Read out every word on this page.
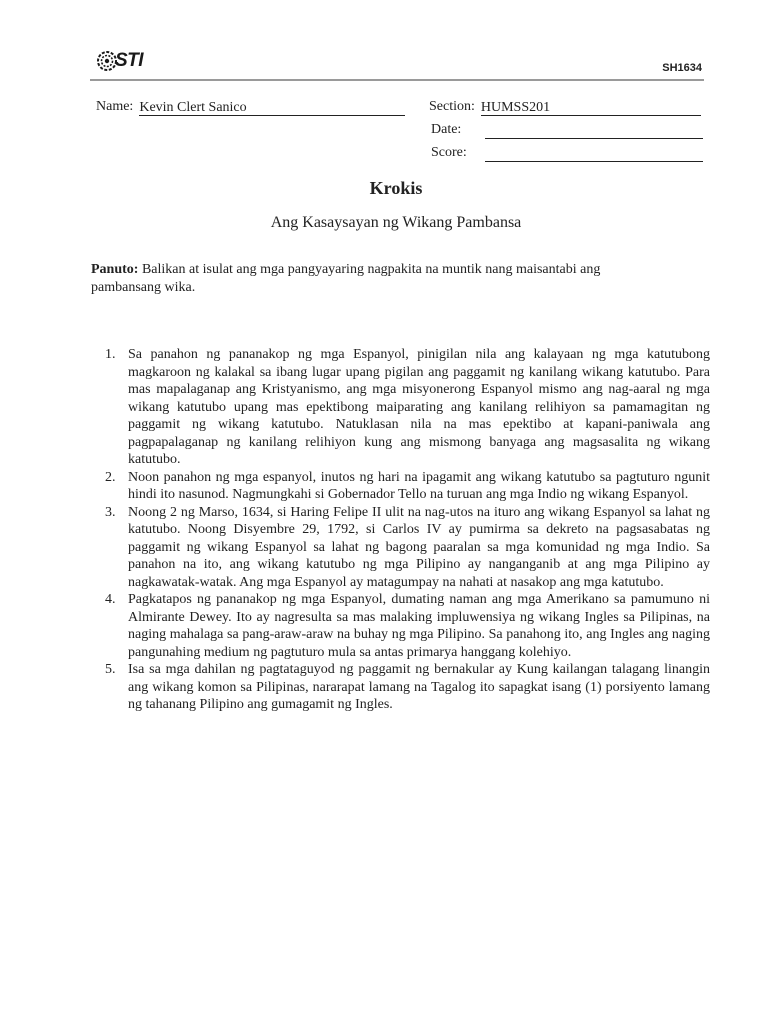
STI	SH1634
Name: Kevin Clert Sanico	Section: HUMSS201
Date:
Score:
Krokis
Ang Kasaysayan ng Wikang Pambansa
Panuto: Balikan at isulat ang mga pangyayaring nagpakita na muntik nang maisantabi ang pambansang wika.
1. Sa panahon ng pananakop ng mga Espanyol, pinigilan nila ang kalayaan ng mga katutubong magkaroon ng kalakal sa ibang lugar upang pigilan ang paggamit ng kanilang wikang katutubo. Para mas mapalaganap ang Kristyanismo, ang mga misyonerong Espanyol mismo ang nag-aaral ng mga wikang katutubo upang mas epektibong maiparating ang kanilang relihiyon sa pamamagitan ng paggamit ng wikang katutubo. Natuklasan nila na mas epektibo at kapani-paniwala ang pagpapalaganap ng kanilang relihiyon kung ang mismong banyaga ang magsasalita ng wikang katutubo.
2. Noon panahon ng mga espanyol, inutos ng hari na ipagamit ang wikang katutubo sa pagtuturo ngunit hindi ito nasunod. Nagmungkahi si Gobernador Tello na turuan ang mga Indio ng wikang Espanyol.
3. Noong 2 ng Marso, 1634, si Haring Felipe II ulit na nag-utos na ituro ang wikang Espanyol sa lahat ng katutubo. Noong Disyembre 29, 1792, si Carlos IV ay pumirma sa dekreto na pagsasabatas ng paggamit ng wikang Espanyol sa lahat ng bagong paaralan sa mga komunidad ng mga Indio. Sa panahon na ito, ang wikang katutubo ng mga Pilipino ay nanganganib at ang mga Pilipino ay nagkawatak-watak. Ang mga Espanyol ay matagumpay na nahati at nasakop ang mga katutubo.
4. Pagkatapos ng pananakop ng mga Espanyol, dumating naman ang mga Amerikano sa pamumuno ni Almirante Dewey. Ito ay nagresulta sa mas malaking impluwensiya ng wikang Ingles sa Pilipinas, na naging mahalaga sa pang-araw-araw na buhay ng mga Pilipino. Sa panahong ito, ang Ingles ang naging pangunahing medium ng pagtuturo mula sa antas primarya hanggang kolehiyo.
5. Isa sa mga dahilan ng pagtataguyod ng paggamit ng bernakular ay Kung kailangan talagang linangin ang wikang komon sa Pilipinas, nararapat lamang na Tagalog ito sapagkat isang (1) porsiyento lamang ng tahanang Pilipino ang gumagamit ng Ingles.
